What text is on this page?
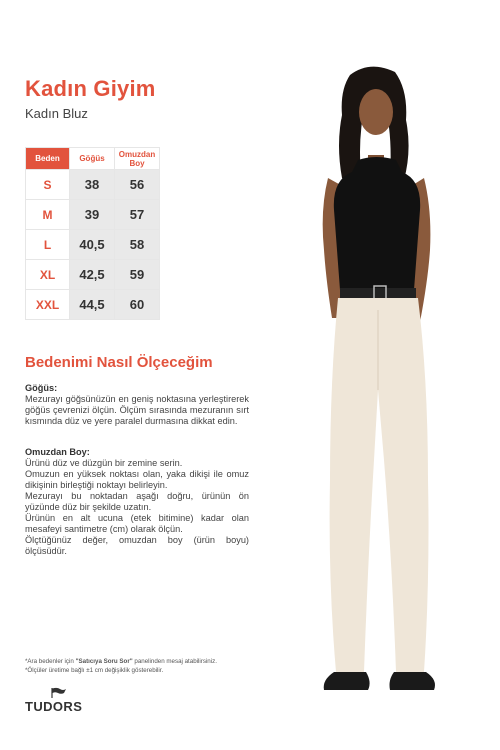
Kadın Giyim
Kadın Bluz
Beden	Göğüs	Omuzdan Boy
S	38	56
M	39	57
L	40,5	58
XL	42,5	59
XXL	44,5	60
Bedenimi Nasıl Ölçeceğim
Göğüs:
Mezurayı göğsünüzün en geniş noktasına yerleştirerek göğüs çevrenizi ölçün. Ölçüm sırasında mezuranın sırt kısmında düz ve yere paralel durmasına dikkat edin.
Omuzdan Boy:
Ürünü düz ve düzgün bir zemine serin.
Omuzun en yüksek noktası olan, yaka dikişi ile omuz dikişinin birleştiği noktayı belirleyin.
Mezurayı bu noktadan aşağı doğru, ürünün ön yüzünde düz bir şekilde uzatın.
Ürünün en alt ucuna (etek bitimine) kadar olan mesafeyi santimetre (cm) olarak ölçün.
Ölçtüğünüz değer, omuzdan boy (ürün boyu) ölçüsüdür.
*Ara bedenler için "Satıcıya Soru Sor" panelinden mesaj atabilirsiniz.
*Ölçüler üretime bağlı ±1 cm değişiklik gösterebilir.
TUDORS
